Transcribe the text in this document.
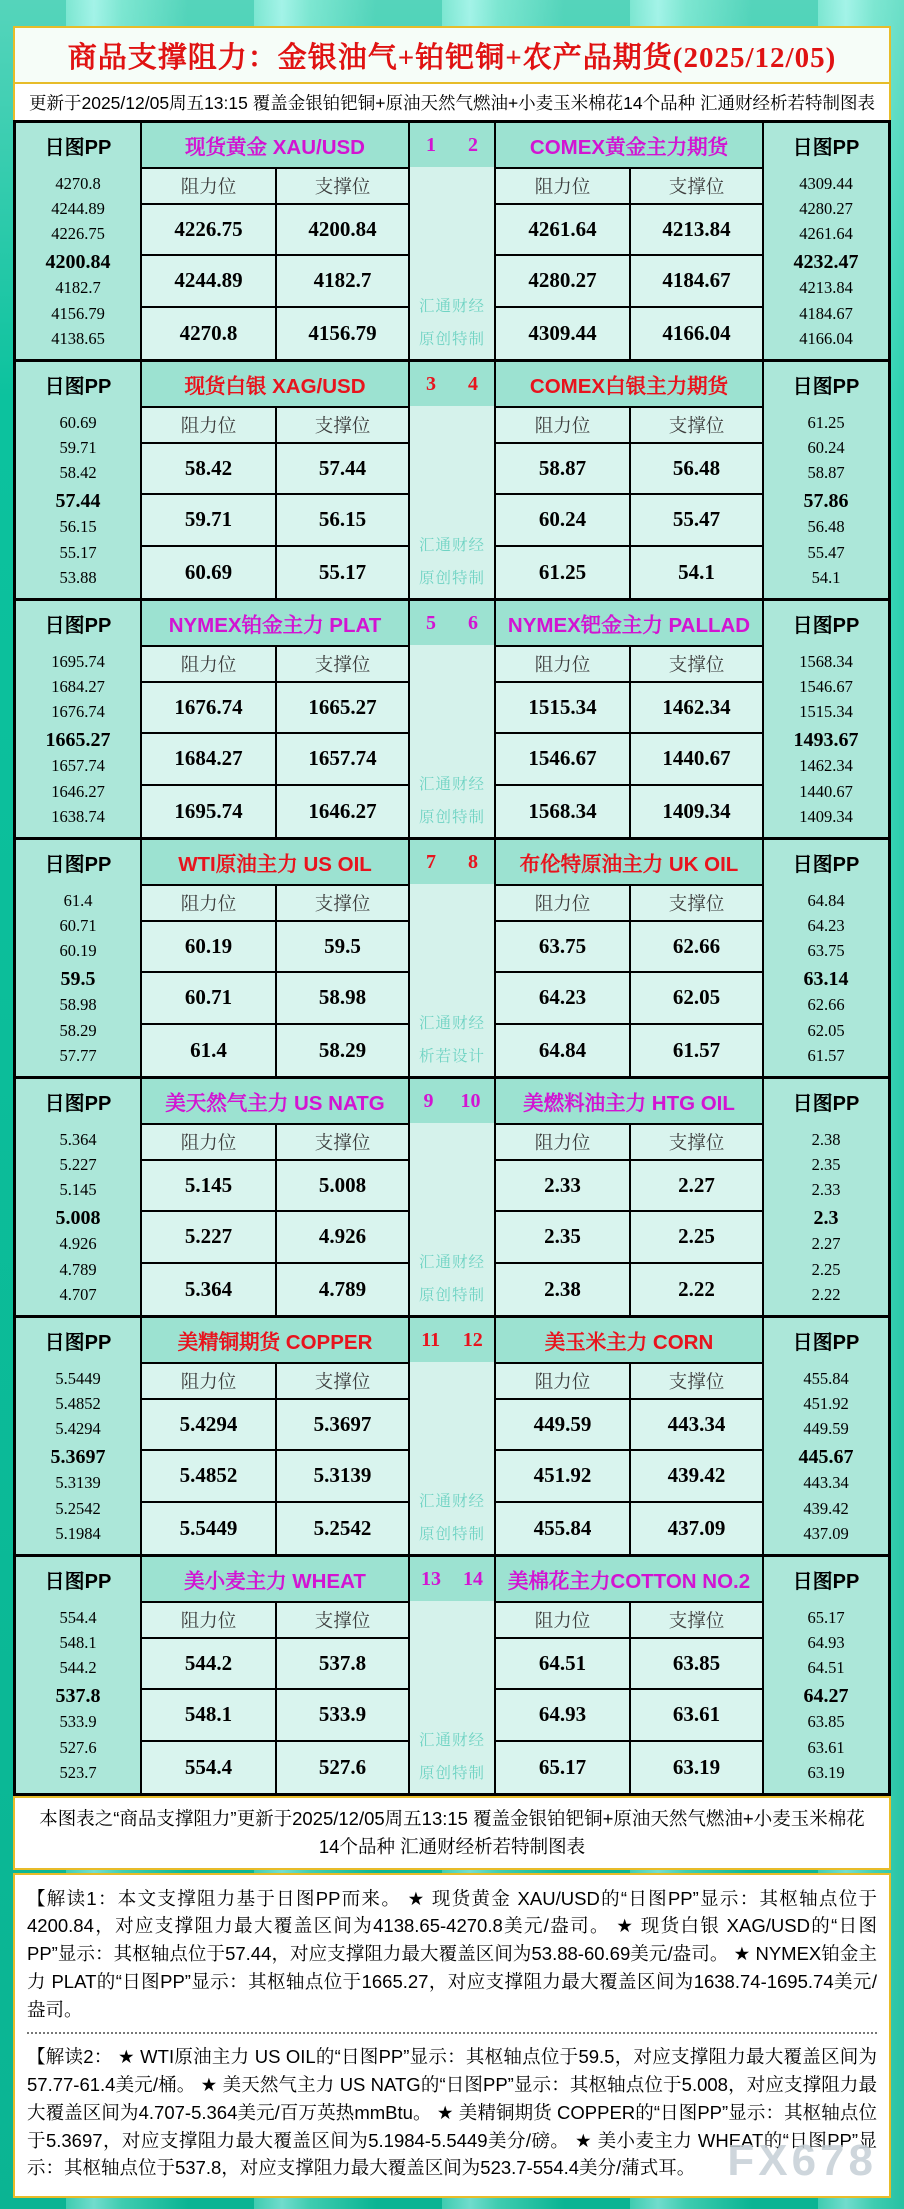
商品支撑阻力：金银油气+铂钯铜+农产品期货(2025/12/05)
更新于2025/12/05周五13:15 覆盖金银铂钯铜+原油天然气燃油+小麦玉米棉花14个品种 汇通财经析若特制图表
日图PP
4270.8
4244.89
4226.75
4200.84
4182.7
4156.79
4138.65
现货黄金 XAU/USD
阻力位	支撑位
4226.75	4200.84
4244.89	4182.7
4270.8	4156.79
1 2
汇通财经
原创特制
COMEX黄金主力期货
阻力位	支撑位
4261.64	4213.84
4280.27	4184.67
4309.44	4166.04
日图PP
4309.44
4280.27
4261.64
4232.47
4213.84
4184.67
4166.04
日图PP
60.69
59.71
58.42
57.44
56.15
55.17
53.88
现货白银 XAG/USD
阻力位	支撑位
58.42	57.44
59.71	56.15
60.69	55.17
3 4
汇通财经
原创特制
COMEX白银主力期货
阻力位	支撑位
58.87	56.48
60.24	55.47
61.25	54.1
日图PP
61.25
60.24
58.87
57.86
56.48
55.47
54.1
日图PP
1695.74
1684.27
1676.74
1665.27
1657.74
1646.27
1638.74
NYMEX铂金主力 PLAT
阻力位	支撑位
1676.74	1665.27
1684.27	1657.74
1695.74	1646.27
5 6
汇通财经
原创特制
NYMEX钯金主力 PALLAD
阻力位	支撑位
1515.34	1462.34
1546.67	1440.67
1568.34	1409.34
日图PP
1568.34
1546.67
1515.34
1493.67
1462.34
1440.67
1409.34
日图PP
61.4
60.71
60.19
59.5
58.98
58.29
57.77
WTI原油主力 US OIL
阻力位	支撑位
60.19	59.5
60.71	58.98
61.4	58.29
7 8
汇通财经
析若设计
布伦特原油主力 UK OIL
阻力位	支撑位
63.75	62.66
64.23	62.05
64.84	61.57
日图PP
64.84
64.23
63.75
63.14
62.66
62.05
61.57
日图PP
5.364
5.227
5.145
5.008
4.926
4.789
4.707
美天然气主力 US NATG
阻力位	支撑位
5.145	5.008
5.227	4.926
5.364	4.789
9 10
汇通财经
原创特制
美燃料油主力 HTG OIL
阻力位	支撑位
2.33	2.27
2.35	2.25
2.38	2.22
日图PP
2.38
2.35
2.33
2.3
2.27
2.25
2.22
日图PP
5.5449
5.4852
5.4294
5.3697
5.3139
5.2542
5.1984
美精铜期货 COPPER
阻力位	支撑位
5.4294	5.3697
5.4852	5.3139
5.5449	5.2542
11 12
汇通财经
原创特制
美玉米主力 CORN
阻力位	支撑位
449.59	443.34
451.92	439.42
455.84	437.09
日图PP
455.84
451.92
449.59
445.67
443.34
439.42
437.09
日图PP
554.4
548.1
544.2
537.8
533.9
527.6
523.7
美小麦主力 WHEAT
阻力位	支撑位
544.2	537.8
548.1	533.9
554.4	527.6
13 14
汇通财经
原创特制
美棉花主力COTTON NO.2
阻力位	支撑位
64.51	63.85
64.93	63.61
65.17	63.19
日图PP
65.17
64.93
64.51
64.27
63.85
63.61
63.19
本图表之“商品支撑阻力”更新于2025/12/05周五13:15 覆盖金银铂钯铜+原油天然气燃油+小麦玉米棉花14个品种 汇通财经析若特制图表
【解读1：本文支撑阻力基于日图PP而来。 ★ 现货黄金 XAU/USD的“日图PP”显示：其枢轴点位于4200.84，对应支撑阻力最大覆盖区间为4138.65-4270.8美元/盎司。 ★ 现货白银 XAG/USD的“日图PP”显示：其枢轴点位于57.44，对应支撑阻力最大覆盖区间为53.88-60.69美元/盎司。 ★ NYMEX铂金主力 PLAT的“日图PP”显示：其枢轴点位于1665.27，对应支撑阻力最大覆盖区间为1638.74-1695.74美元/盎司。
【解读2： ★ WTI原油主力 US OIL的“日图PP”显示：其枢轴点位于59.5，对应支撑阻力最大覆盖区间为57.77-61.4美元/桶。 ★ 美天然气主力 US NATG的“日图PP”显示：其枢轴点位于5.008，对应支撑阻力最大覆盖区间为4.707-5.364美元/百万英热mmBtu。 ★ 美精铜期货 COPPER的“日图PP”显示：其枢轴点位于5.3697，对应支撑阻力最大覆盖区间为5.1984-5.5449美分/磅。 ★ 美小麦主力 WHEAT的“日图PP”显示：其枢轴点位于537.8，对应支撑阻力最大覆盖区间为523.7-554.4美分/蒲式耳。 FX678
